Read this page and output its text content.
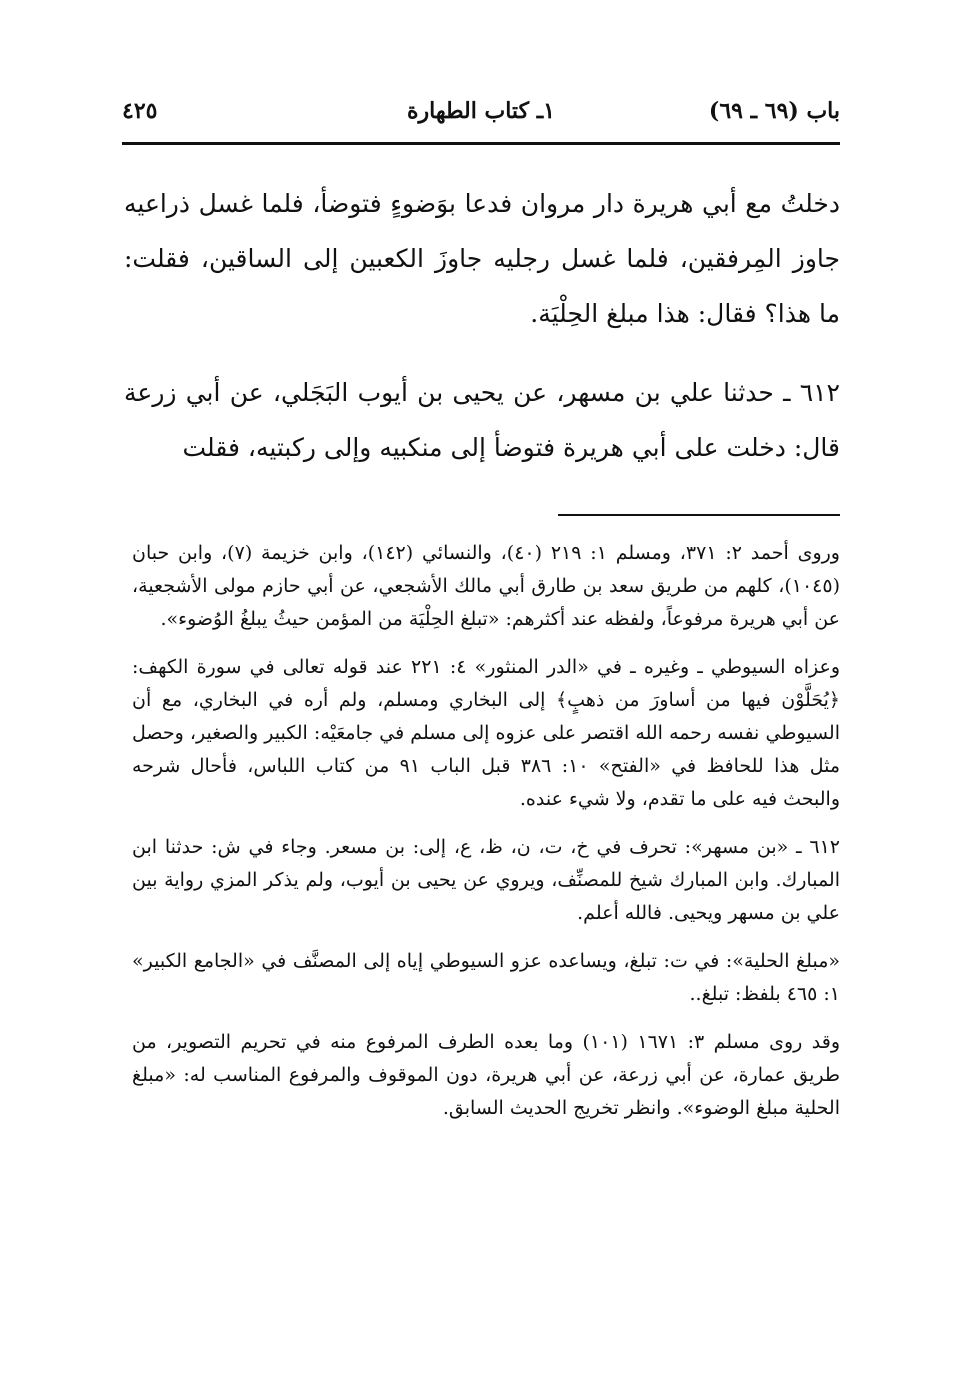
باب (٦٩ ـ ٦٩)
١ـ كتاب الطهارة
٤٢٥

دخلتُ مع أبي هريرة دار مروان فدعا بوَضوءٍ فتوضأ، فلما غسل ذراعيه جاوز المِرفقين، فلما غسل رجليه جاوزَ الكعبين إلى الساقين، فقلت: ما هذا؟ فقال: هذا مبلغ الحِلْيَة.

٦١٢ ـ حدثنا علي بن مسهر، عن يحيى بن أيوب البَجَلي، عن أبي زرعة قال: دخلت على أبي هريرة فتوضأ إلى منكبيه وإلى ركبتيه، فقلت

وروى أحمد ٢: ٣٧١، ومسلم ١: ٢١٩ (٤٠)، والنسائي (١٤٢)، وابن خزيمة (٧)، وابن حبان (١٠٤٥)، كلهم من طريق سعد بن طارق أبي مالك الأشجعي، عن أبي حازم مولى الأشجعية، عن أبي هريرة مرفوعاً، ولفظه عند أكثرهم: «تبلغ الحِلْيَة من المؤمن حيثُ يبلغُ الوُضوء».

وعزاه السيوطي ـ وغيره ـ في «الدر المنثور» ٤: ٢٢١ عند قوله تعالى في سورة الكهف: ﴿يُحَلَّوْن فيها من أساورَ من ذهبٍ﴾ إلى البخاري ومسلم، ولم أره في البخاري، مع أن السيوطي نفسه رحمه الله اقتصر على عزوه إلى مسلم في جامعَيْه: الكبير والصغير، وحصل مثل هذا للحافظ في «الفتح» ١٠: ٣٨٦ قبل الباب ٩١ من كتاب اللباس، فأحال شرحه والبحث فيه على ما تقدم، ولا شيء عنده.

٦١٢ ـ «بن مسهر»: تحرف في خ، ت، ن، ظ، ع، إلى: بن مسعر. وجاء في ش: حدثنا ابن المبارك. وابن المبارك شيخ للمصنِّف، ويروي عن يحيى بن أيوب، ولم يذكر المزي رواية بين علي بن مسهر ويحيى. فالله أعلم.

«مبلغ الحلية»: في ت: تبلغ، ويساعده عزو السيوطي إياه إلى المصنَّف في «الجامع الكبير» ١: ٤٦٥ بلفظ: تبلغ..

وقد روى مسلم ٣: ١٦٧١ (١٠١) وما بعده الطرف المرفوع منه في تحريم التصوير، من طريق عمارة، عن أبي زرعة، عن أبي هريرة، دون الموقوف والمرفوع المناسب له: «مبلغ الحلية مبلغ الوضوء». وانظر تخريج الحديث السابق.
